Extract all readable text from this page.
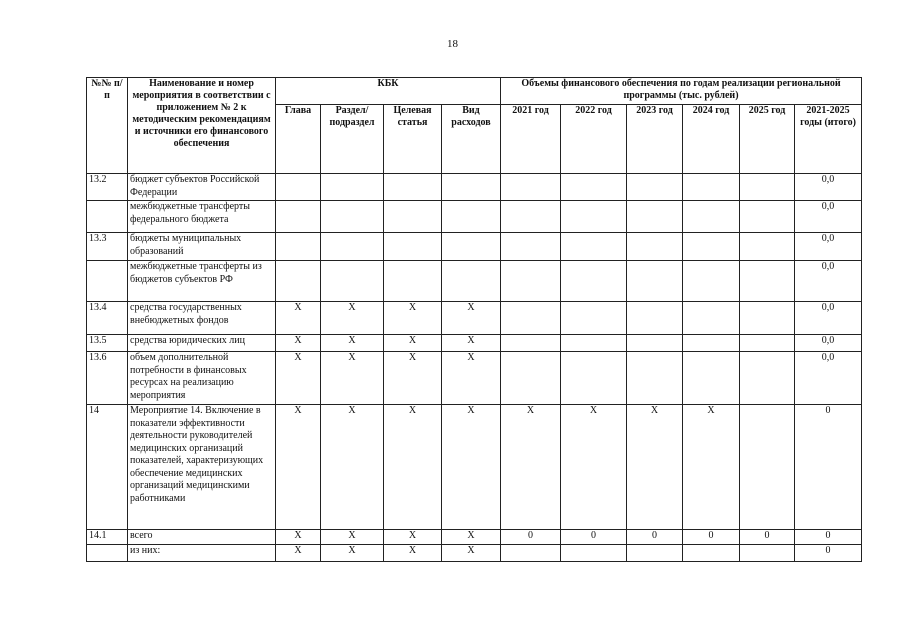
18
№№ п/п	Наименование и номер мероприятия в соответствии с приложением № 2 к методическим рекомендациям и источники его финансового обеспечения	КБК				Объемы финансового обеспечения по годам реализации региональной программы (тыс. рублей)					
		Глава	Раздел/ подраздел	Целевая статья	Вид расходов	2021 год	2022 год	2023 год	2024 год	2025 год	2021-2025 годы (итого)
13.2	бюджет субъектов Российской Федерации										0,0
	межбюджетные трансферты федерального бюджета										0,0
13.3	бюджеты муниципальных образований										0,0
	межбюджетные трансферты из бюджетов субъектов РФ										0,0
13.4	средства государственных внебюджетных фондов	X	X	X	X						0,0
13.5	средства юридических лиц	X	X	X	X						0,0
13.6	объем дополнительной потребности в финансовых ресурсах на реализацию мероприятия	X	X	X	X						0,0
14	Мероприятие 14. Включение в показатели эффективности деятельности руководителей медицинских организаций показателей, характеризующих обеспечение медицинских организаций медицинскими работниками	X	X	X	X	X	X	X	X		0
14.1	всего	X	X	X	X	0	0	0	0	0	0
	из них:	X	X	X	X						0
